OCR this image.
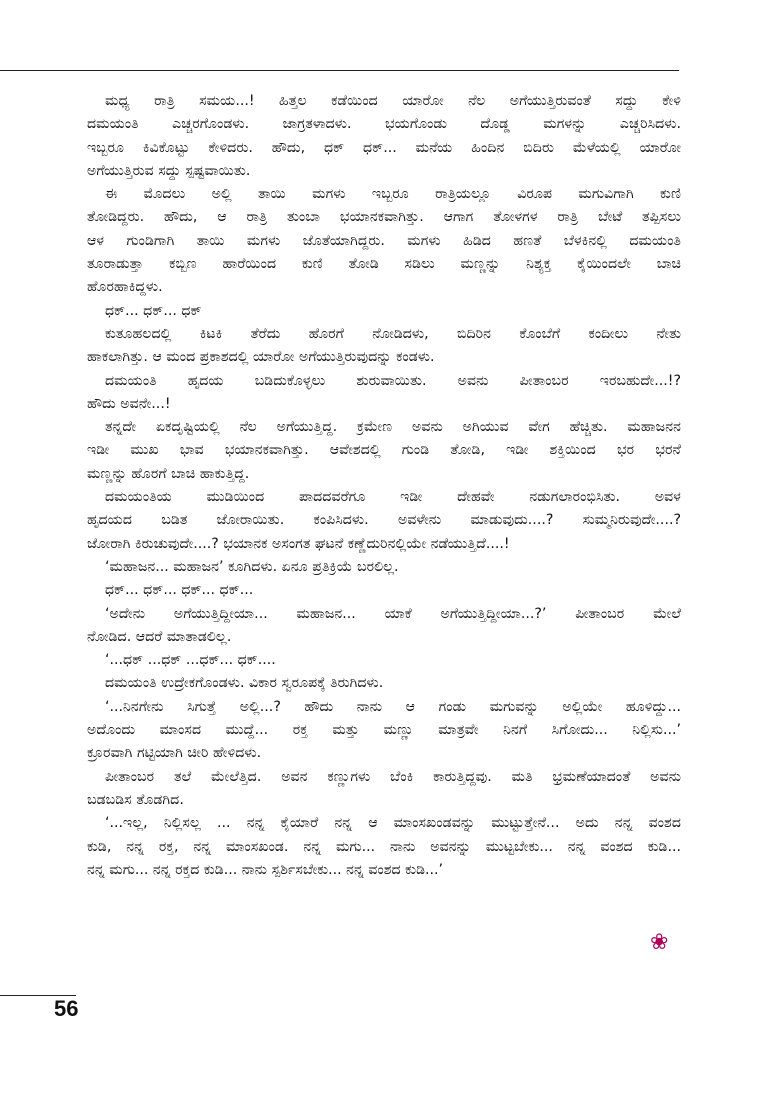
ಮಧ್ಯ ರಾತ್ರಿ ಸಮಯ...! ಹಿತ್ತಲ ಕಡೆಯಿಂದ ಯಾರೋ ನೆಲ ಅಗೆಯುತ್ತಿರುವಂತೆ ಸದ್ದು ಕೇಳಿ
ದಮಯಂತಿ ಎಚ್ಚರಗೊಂಡಳು. ಜಾಗ್ರತಳಾದಳು. ಭಯಗೊಂಡು ದೊಡ್ಡ ಮಗಳನ್ನು ಎಚ್ಚರಿಸಿದಳು.
ಇಬ್ಬರೂ ಕಿವಿಕೊಟ್ಟು ಕೇಳಿದರು. ಹೌದು, ಧಕ್ ಧಕ್... ಮನೆಯ ಹಿಂದಿನ ಬಿದಿರು ಮೆಳೆಯಲ್ಲಿ ಯಾರೋ
ಅಗೆಯುತ್ತಿರುವ ಸದ್ದು ಸ್ಪಷ್ಟವಾಯಿತು.
ಈ ಮೊದಲು ಅಲ್ಲಿ ತಾಯಿ ಮಗಳು ಇಬ್ಬರೂ ರಾತ್ರಿಯಲ್ಲೂ ವಿರೂಪ ಮಗುವಿಗಾಗಿ ಕುಣಿ
ತೋಡಿದ್ದರು. ಹೌದು, ಆ ರಾತ್ರಿ ತುಂಬಾ ಭಯಾನಕವಾಗಿತ್ತು. ಆಗಾಗ ತೋಳಗಳ ರಾತ್ರಿ ಬೇಟೆ ತಪ್ಪಿಸಲು
ಆಳ ಗುಂಡಿಗಾಗಿ ತಾಯಿ ಮಗಳು ಜೊತೆಯಾಗಿದ್ದರು. ಮಗಳು ಹಿಡಿದ ಹಣತೆ ಬೆಳಕಿನಲ್ಲಿ ದಮಯಂತಿ
ತೂರಾಡುತ್ತಾ ಕಬ್ಬಿಣ ಹಾರೆಯಿಂದ ಕುಣಿ ತೋಡಿ ಸಡಿಲು ಮಣ್ಣನ್ನು ನಿಶ್ಯಕ್ತ ಕೈಯಿಂದಲೇ ಬಾಚಿ
ಹೊರಹಾಕಿದ್ದಳು.
ಧಕ್... ಧಕ್... ಧಕ್
ಕುತೂಹಲದಲ್ಲಿ ಕಿಟಕಿ ತೆರೆದು ಹೊರಗೆ ನೋಡಿದಳು, ಬಿದಿರಿನ ಕೊಂಬೆಗೆ ಕಂದೀಲು ನೇತು
ಹಾಕಲಾಗಿತ್ತು. ಆ ಮಂದ ಪ್ರಕಾಶದಲ್ಲಿ ಯಾರೋ ಅಗೆಯುತ್ತಿರುವುದನ್ನು ಕಂಡಳು.
ದಮಯಂತಿ ಹೃದಯ ಬಡಿದುಕೊಳ್ಳಲು ಶುರುವಾಯಿತು. ಅವನು ಪೀತಾಂಬರ ಇರಬಹುದೇ...!?
ಹೌದು ಅವನೇ...!
ತನ್ನದೇ ಏಕದೃಷ್ಟಿಯಲ್ಲಿ ನೆಲ ಅಗೆಯುತ್ತಿದ್ದ. ಕ್ರಮೇಣ ಅವನು ಅಗಿಯುವ ವೇಗ ಹೆಚ್ಚಿತು. ಮಹಾಜನನ
ಇಡೀ ಮುಖ ಭಾವ ಭಯಾನಕವಾಗಿತ್ತು. ಆವೇಶದಲ್ಲಿ ಗುಂಡಿ ತೋಡಿ, ಇಡೀ ಶಕ್ತಿಯಿಂದ ಭರ ಭರನೆ
ಮಣ್ಣನ್ನು ಹೊರಗೆ ಬಾಚಿ ಹಾಕುತ್ತಿದ್ದ.
ದಮಯಂತಿಯ ಮುಡಿಯಿಂದ ಪಾದದವರೆಗೂ ಇಡೀ ದೇಹವೇ ನಡುಗಲಾರಂಭಿಸಿತು. ಅವಳ
ಹೃದಯದ ಬಡಿತ ಜೋರಾಯಿತು. ಕಂಪಿಸಿದಳು. ಅವಳೇನು ಮಾಡುವುದು....? ಸುಮ್ಮನಿರುವುದೇ....?
ಜೋರಾಗಿ ಕಿರುಚುವುದೇ....? ಭಯಾನಕ ಅಸಂಗತ ಘಟನೆ ಕಣ್ಣೆದುರಿನಲ್ಲಿಯೇ ನಡೆಯುತ್ತಿದೆ....!
‘ಮಹಾಜನ... ಮಹಾಜನ’ ಕೂಗಿದಳು. ಏನೂ ಪ್ರತಿಕ್ರಿಯೆ ಬರಲಿಲ್ಲ.
ಧಕ್... ಧಕ್... ಧಕ್... ಧಕ್...
‘ಅದೇನು ಅಗೆಯುತ್ತಿದ್ದೀಯಾ... ಮಹಾಜನ... ಯಾಕೆ ಅಗೆಯುತ್ತಿದ್ದೀಯಾ...?’ ಪೀತಾಂಬರ ಮೇಲೆ
ನೋಡಿದ. ಆದರೆ ಮಾತಾಡಲಿಲ್ಲ.
‘...ಧಕ್ ...ಧಕ್ ...ಧಕ್... ಧಕ್....
ದಮಯಂತಿ ಉದ್ರೇಕಗೊಂಡಳು. ವಿಕಾರ ಸ್ವರೂಪಕ್ಕೆ ತಿರುಗಿದಳು.
‘...ನಿನಗೇನು ಸಿಗುತ್ತೆ ಅಲ್ಲಿ...? ಹೌದು ನಾನು ಆ ಗಂಡು ಮಗುವನ್ನು ಅಲ್ಲಿಯೇ ಹೂಳಿದ್ದು...
ಅದೊಂದು ಮಾಂಸದ ಮುದ್ದೆ... ರಕ್ತ ಮತ್ತು ಮಣ್ಣು ಮಾತ್ರವೇ ನಿನಗೆ ಸಿಗೋದು... ನಿಲ್ಲಿಸು...’
ಕ್ರೂರವಾಗಿ ಗಟ್ಟಿಯಾಗಿ ಚೀರಿ ಹೇಳಿದಳು.
ಪೀತಾಂಬರ ತಲೆ ಮೇಲೆತ್ತಿದ. ಅವನ ಕಣ್ಣುಗಳು ಬೆಂಕಿ ಕಾರುತ್ತಿದ್ದವು. ಮತಿ ಭ್ರಮಣೆಯಾದಂತೆ ಅವನು
ಬಡಬಡಿಸ ತೊಡಗಿದ.
‘...ಇಲ್ಲ, ನಿಲ್ಲಿಸಲ್ಲ ... ನನ್ನ ಕೈಯಾರೆ ನನ್ನ ಆ ಮಾಂಸಖಂಡವನ್ನು ಮುಟ್ಟುತ್ತೇನೆ... ಅದು ನನ್ನ ವಂಶದ
ಕುಡಿ, ನನ್ನ ರಕ್ತ, ನನ್ನ ಮಾಂಸಖಂಡ. ನನ್ನ ಮಗು... ನಾನು ಅವನನ್ನು ಮುಟ್ಟಬೇಕು... ನನ್ನ ವಂಶದ ಕುಡಿ...
ನನ್ನ ಮಗು... ನನ್ನ ರಕ್ತದ ಕುಡಿ... ನಾನು ಸ್ಪರ್ಶಿಸಬೇಕು... ನನ್ನ ವಂಶದ ಕುಡಿ...’
❀
56
